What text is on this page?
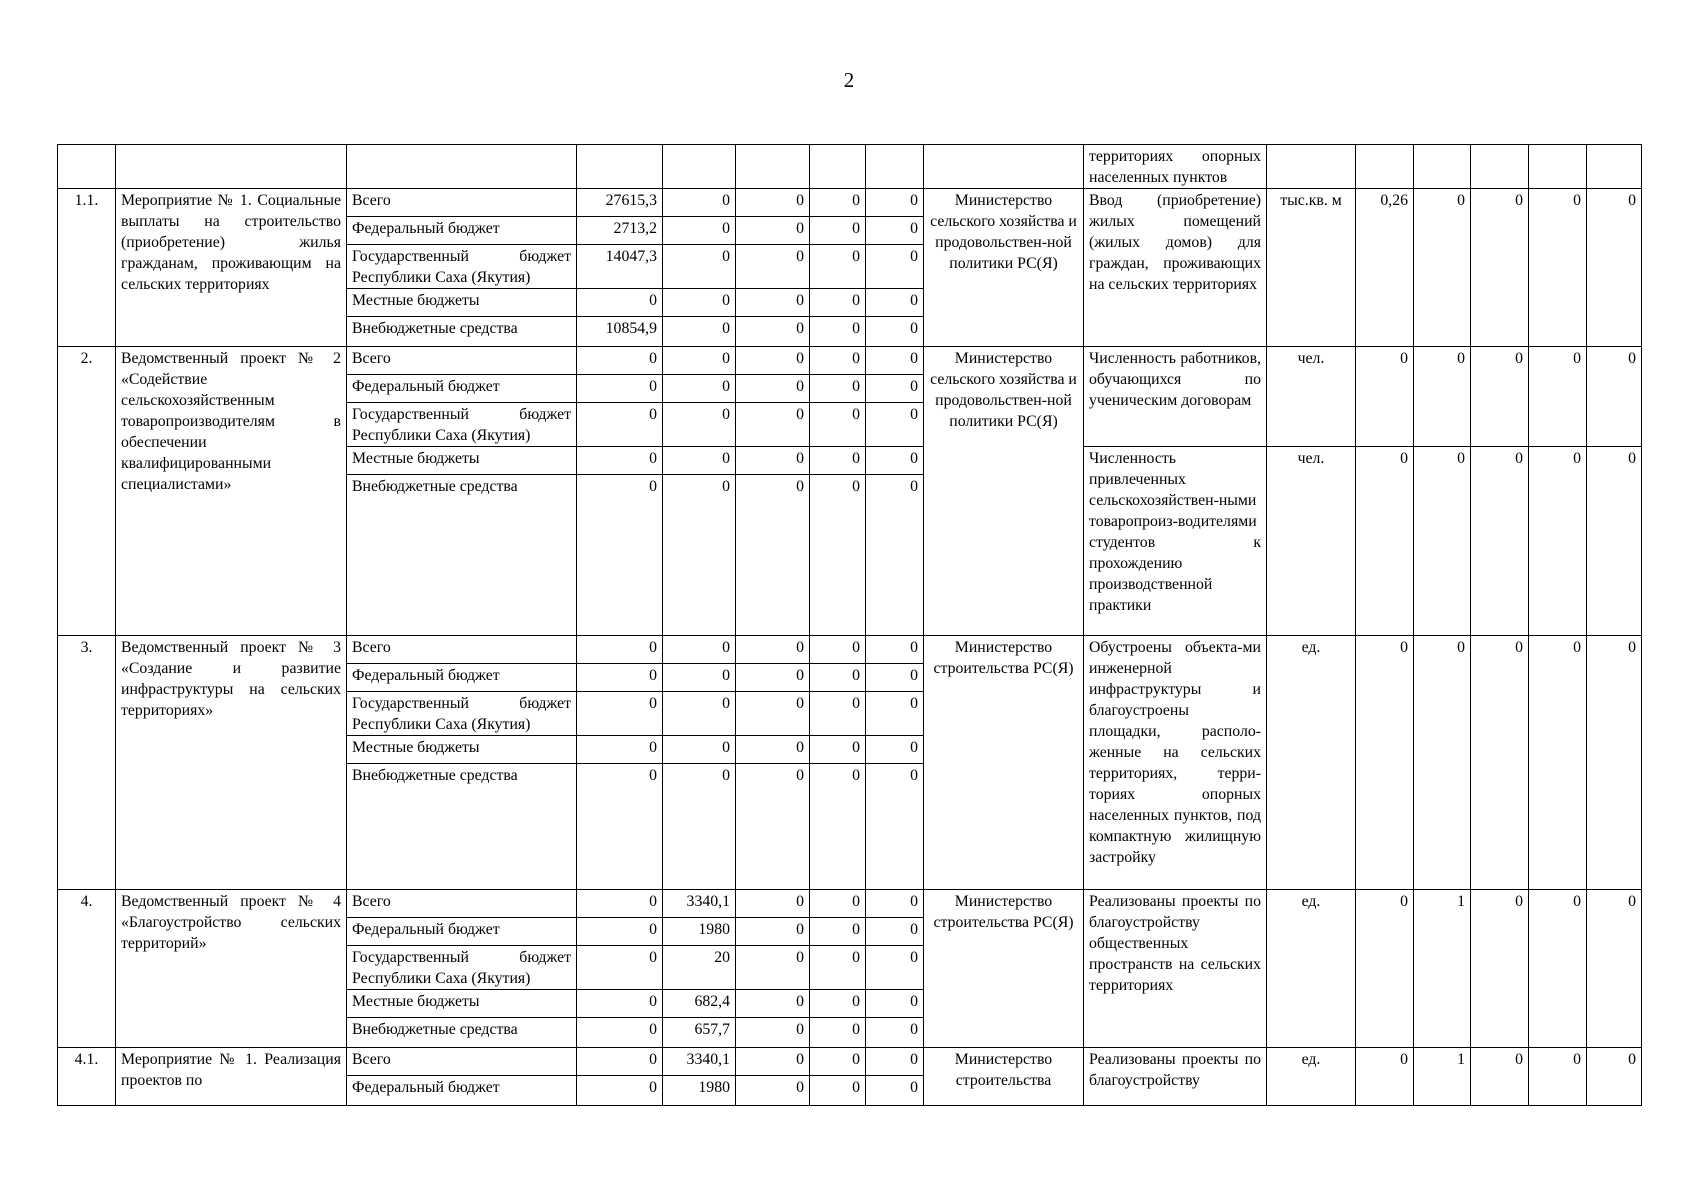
2
									территориях опорных населенных пунктов						
1.1.	Мероприятие № 1. Социальные выплаты на строительство (приобретение) жилья гражданам, проживающим на сельских территориях	Всего	27615,3	0	0	0	0	Министерство сельского хозяйства и продовольствен-ной политики РС(Я)	Ввод (приобретение) жилых помещений (жилых домов) для граждан, проживающих на сельских территориях	тыс.кв. м	0,26	0	0	0	0
		Федеральный бюджет	2713,2	0	0	0	0								
		Государственный бюджет Республики Саха (Якутия)	14047,3	0	0	0	0								
		Местные бюджеты	0	0	0	0	0								
		Внебюджетные средства	10854,9	0	0	0	0								
2.	Ведомственный проект № 2 «Содействие сельскохозяйственным товаропроизводителям в обеспечении квалифицированными специалистами»	Всего	0	0	0	0	0	Министерство сельского хозяйства и продовольствен-ной политики РС(Я)	Численность работников, обучающихся по ученическим договорам	чел.	0	0	0	0	0
		Федеральный бюджет	0	0	0	0	0								
		Государственный бюджет Республики Саха (Якутия)	0	0	0	0	0								
		Местные бюджеты	0	0	0	0	0		Численность привлеченных сельскохозяйствен-ными товаропроиз-водителями студентов к прохождению производственной практики	чел.	0	0	0	0	0
		Внебюджетные средства	0	0	0	0	0								
3.	Ведомственный проект № 3 «Создание и развитие инфраструктуры на сельских территориях»	Всего	0	0	0	0	0	Министерство строительства РС(Я)	Обустроены объекта-ми инженерной инфраструктуры и благоустроены площадки, располо-женные на сельских территориях, терри-ториях опорных населенных пунктов, под компактную жилищную застройку	ед.	0	0	0	0	0
		Федеральный бюджет	0	0	0	0	0								
		Государственный бюджет Республики Саха (Якутия)	0	0	0	0	0								
		Местные бюджеты	0	0	0	0	0								
		Внебюджетные средства	0	0	0	0	0								
4.	Ведомственный проект № 4 «Благоустройство сельских территорий»	Всего	0	3340,1	0	0	0	Министерство строительства РС(Я)	Реализованы проекты по благоустройству общественных пространств на сельских территориях	ед.	0	1	0	0	0
		Федеральный бюджет	0	1980	0	0	0								
		Государственный бюджет Республики Саха (Якутия)	0	20	0	0	0								
		Местные бюджеты	0	682,4	0	0	0								
		Внебюджетные средства	0	657,7	0	0	0								
4.1.	Мероприятие № 1. Реализация проектов по	Всего	0	3340,1	0	0	0	Министерство строительства	Реализованы проекты по благоустройству	ед.	0	1	0	0	0
		Федеральный бюджет	0	1980	0	0	0								
